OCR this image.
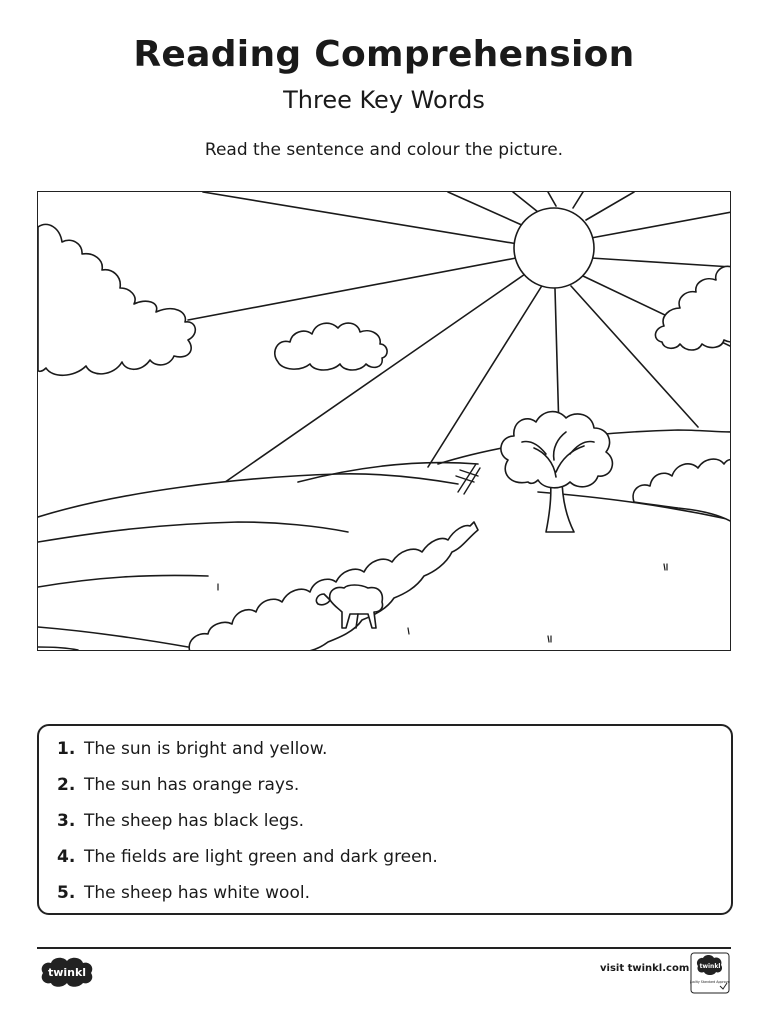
Reading Comprehension
Three Key Words
Read the sentence and colour the picture.
1. The sun is bright and yellow.
2. The sun has orange rays.
3. The sheep has black legs.
4. The fields are light green and dark green.
5. The sheep has white wool.
twinkl	visit twinkl.com twinkl
Quality Standard Approved
